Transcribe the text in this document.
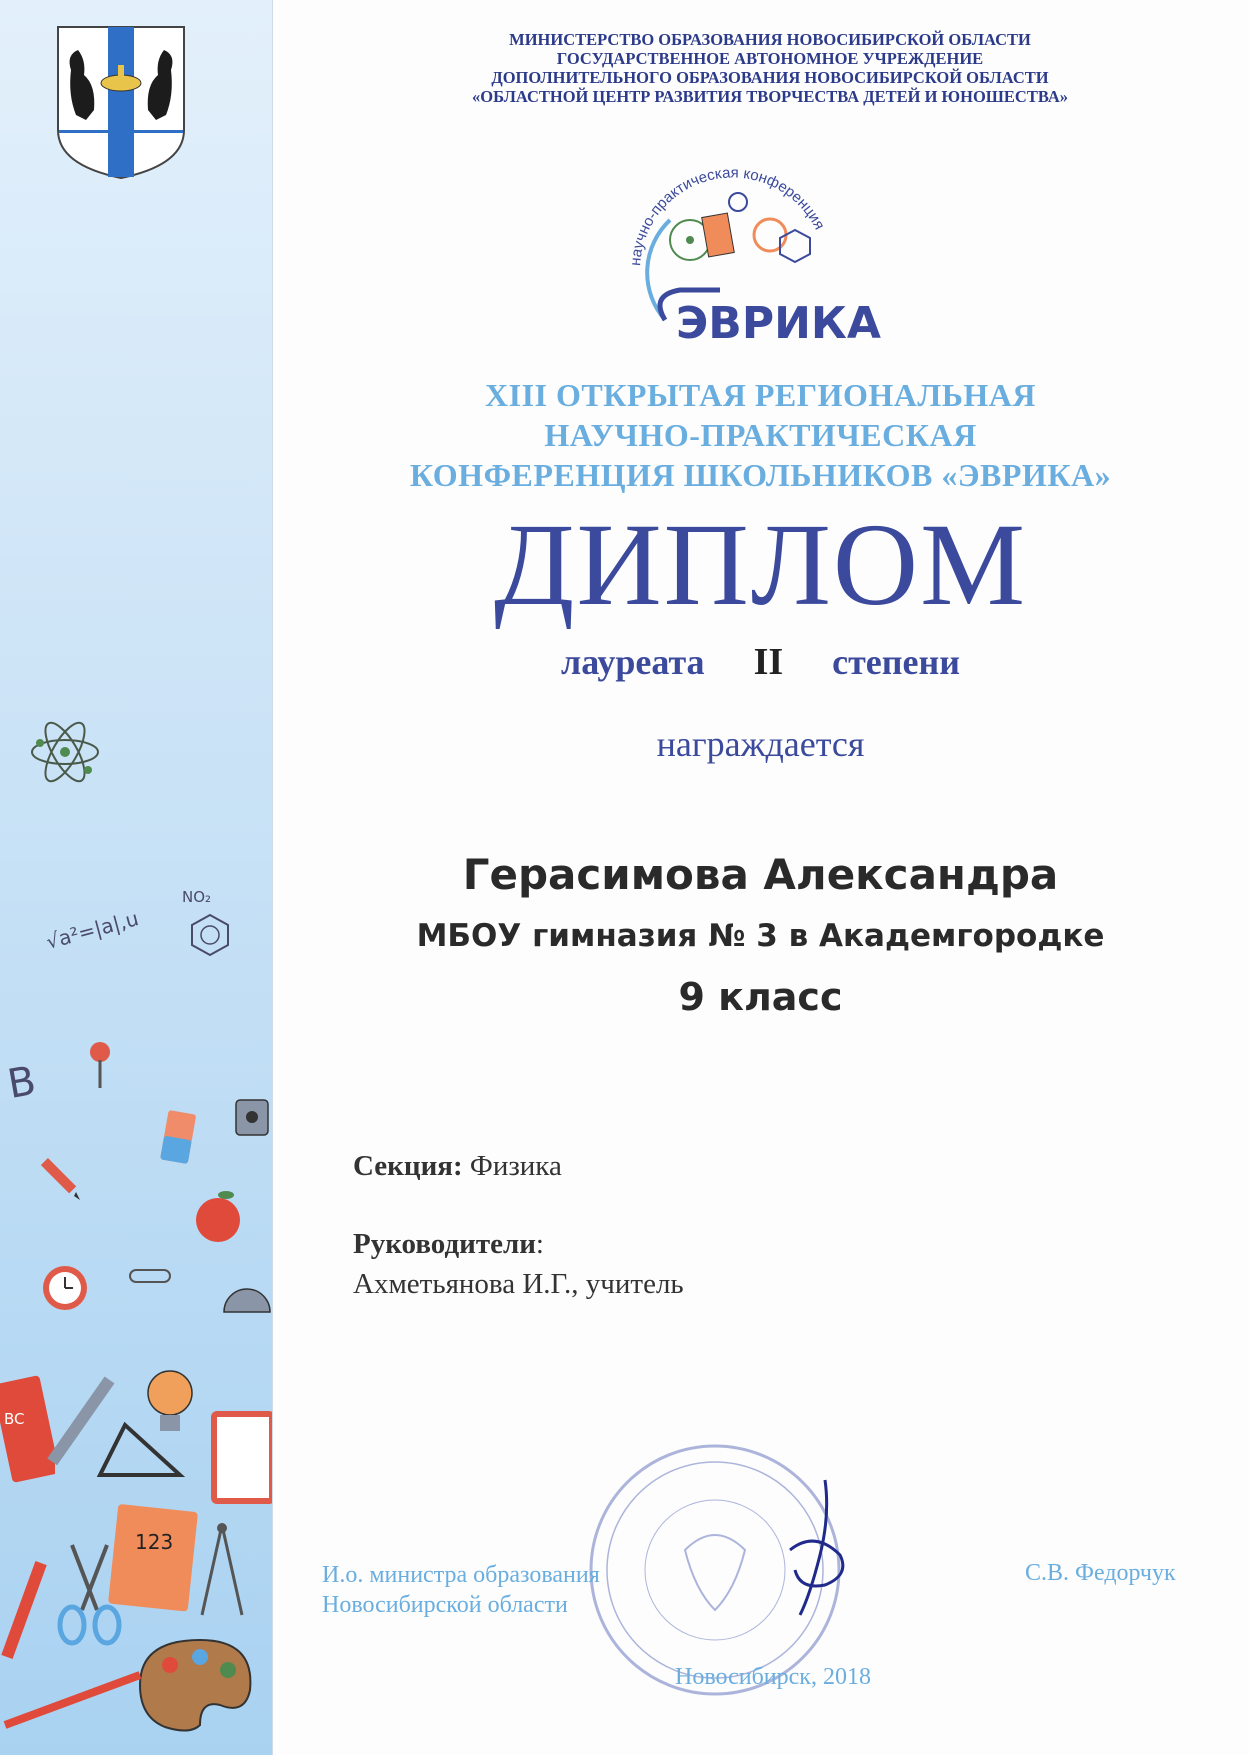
√a²=|a|,u
NO₂
B
BC
123
МИНИСТЕРСТВО ОБРАЗОВАНИЯ НОВОСИБИРСКОЙ ОБЛАСТИ
ГОСУДАРСТВЕННОЕ АВТОНОМНОЕ УЧРЕЖДЕНИЕ
ДОПОЛНИТЕЛЬНОГО ОБРАЗОВАНИЯ НОВОСИБИРСКОЙ ОБЛАСТИ
«ОБЛАСТНОЙ ЦЕНТР РАЗВИТИЯ ТВОРЧЕСТВА ДЕТЕЙ И ЮНОШЕСТВА»
научно-практическая конференция
ЭВРИКА
XIII ОТКРЫТАЯ РЕГИОНАЛЬНАЯ
НАУЧНО-ПРАКТИЧЕСКАЯ
КОНФЕРЕНЦИЯ ШКОЛЬНИКОВ «ЭВРИКА»
ДИПЛОМ
лауреата II степени
награждается
Герасимова Александра
МБОУ гимназия № 3 в Академгородке
9 класс
Секция: Физика
Руководители:
Ахметьянова И.Г., учитель
И.о. министра образования
Новосибирской области
С.В. Федорчук
Новосибирск, 2018
